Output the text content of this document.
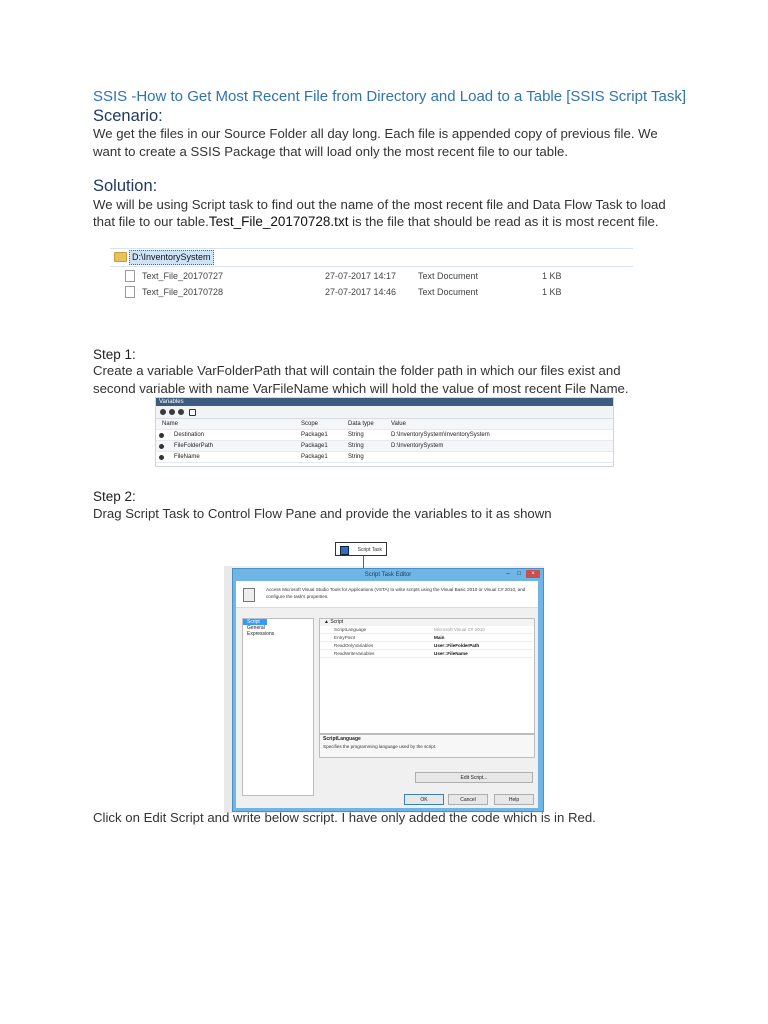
SSIS -How to Get Most Recent File from Directory and Load to a Table [SSIS Script Task]
Scenario:
We get the files in our Source Folder all day long. Each file is appended copy of previous file. We
want to create a SSIS Package that will load only the most recent file to our table.
Solution:
We will be using Script task to find out the name of the most recent file and Data Flow Task to load
that file to our table.Test_File_20170728.txt is the file that should be read as it is most recent file.
D:\InventorySystem
Text_File_20170727	27-07-2017 14:17 Text Document	1 KB
Text_File_20170728	27-07-2017 14:46 Text Document	1 KB
Step 1:
Create a variable VarFolderPath that will contain the folder path in which our files exist and
second variable with name VarFileName which will hold the value of most recent File Name.
Variables
Name	Scope	Data type	Value
Destination	Package1	String	D:\InventorySystem\InventorySystem
FileFolderPath	Package1	String	D:\InventorySystem
FileName	Package1	String
Step 2:
Drag Script Task to Control Flow Pane and provide the variables to it as shown
Script Task
Script Task Editor	–	□	×
Access Microsoft Visual Studio Tools for Applications (VSTA) to write scripts using the Visual Basic 2010 or Visual C# 2010, and configure the task's properties.
Script
General
Expressions
▲ Script
ScriptLanguage	Microsoft Visual C# 2010
EntryPoint	Main
ReadOnlyVariables	User::FileFolderPath
ReadWriteVariables	User::FileName
ScriptLanguage
Specifies the programming language used by the script.
Edit Script...
OK	Cancel	Help
Click on Edit Script and write below script. I have only added the code which is in Red.
